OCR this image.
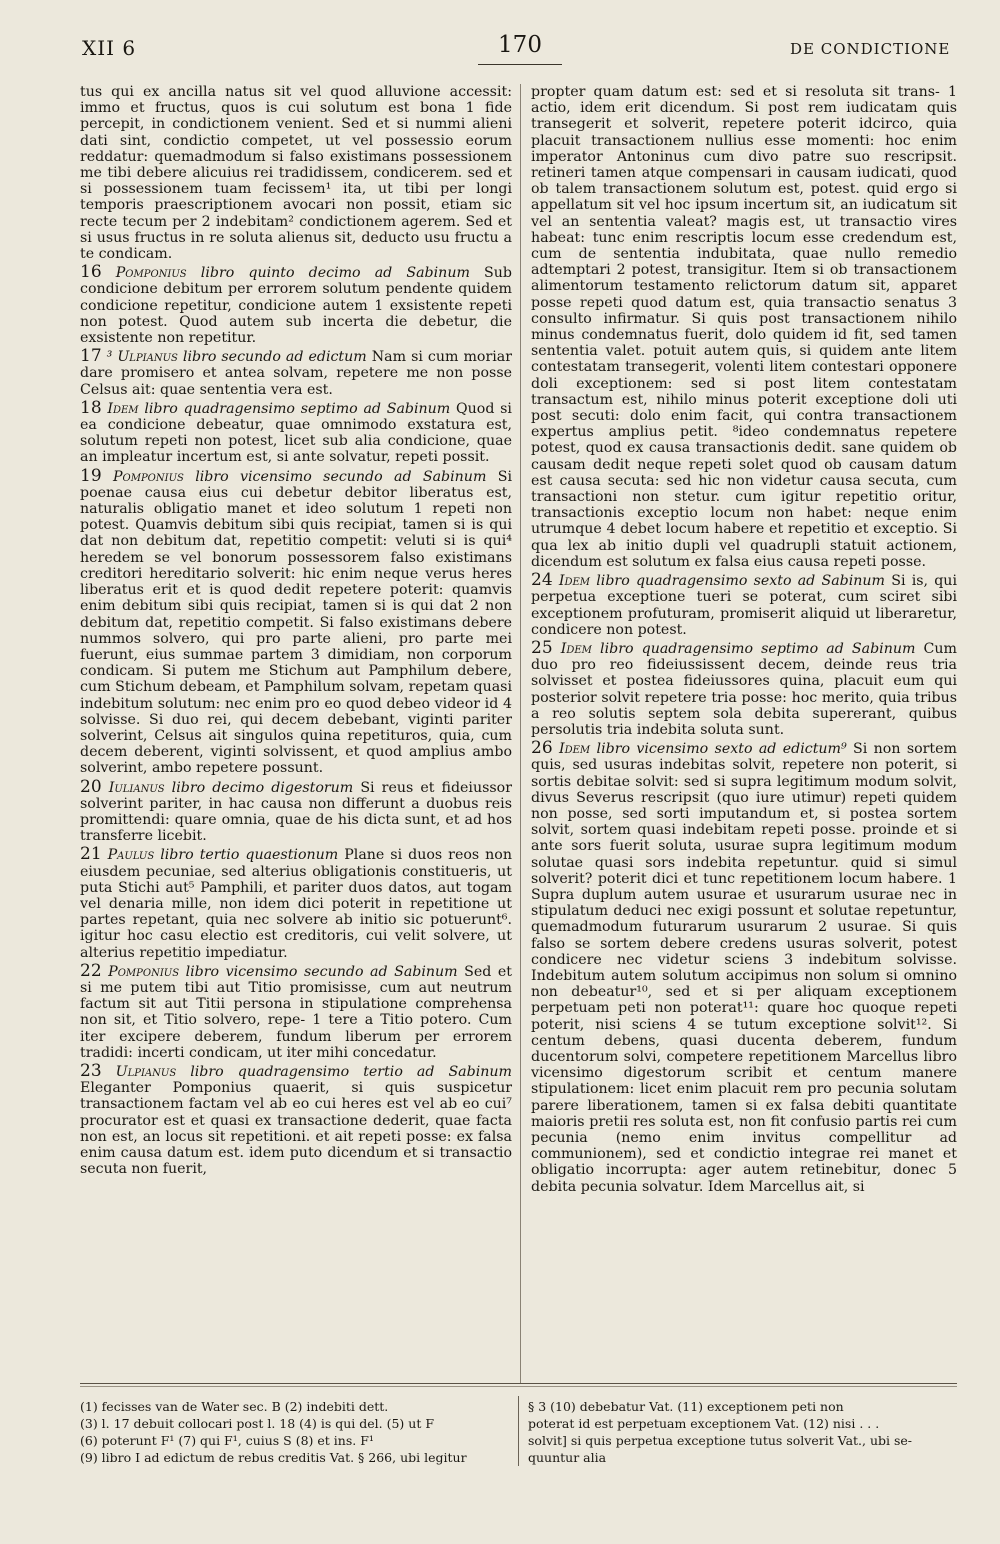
XII 6	170	DE CONDICTIONE

tus qui ex ancilla natus sit vel quod alluvione accessit: immo et fructus, quos is cui solutum est bona 1 fide percepit, in condictionem venient. Sed et si nummi alieni dati sint, condictio competet, ut vel possessio eorum reddatur: quemadmodum si falso existimans possessionem me tibi debere alicuius rei tradidissem, condicerem. sed et si possessionem tuam fecissem¹ ita, ut tibi per longi temporis praescriptionem avocari non possit, etiam sic recte tecum per 2 indebitam² condictionem agerem. Sed et si usus fructus in re soluta alienus sit, deducto usu fructu a te condicam.

16 Pomponius libro quinto decimo ad Sabinum Sub condicione debitum per errorem solutum pendente quidem condicione repetitur, condicione autem 1 exsistente repeti non potest. Quod autem sub incerta die debetur, die exsistente non repetitur.

17 ³ Ulpianus libro secundo ad edictum Nam si cum moriar dare promisero et antea solvam, repetere me non posse Celsus ait: quae sententia vera est.

18 Idem libro quadragensimo septimo ad Sabinum Quod si ea condicione debeatur, quae omnimodo exstatura est, solutum repeti non potest, licet sub alia condicione, quae an impleatur incertum est, si ante solvatur, repeti possit.

19 Pomponius libro vicensimo secundo ad Sabinum Si poenae causa eius cui debetur debitor liberatus est, naturalis obligatio manet et ideo solutum 1 repeti non potest. Quamvis debitum sibi quis recipiat, tamen si is qui dat non debitum dat, repetitio competit: veluti si is qui⁴ heredem se vel bonorum possessorem falso existimans creditori hereditario solverit: hic enim neque verus heres liberatus erit et is quod dedit repetere poterit: quamvis enim debitum sibi quis recipiat, tamen si is qui dat 2 non debitum dat, repetitio competit. Si falso existimans debere nummos solvero, qui pro parte alieni, pro parte mei fuerunt, eius summae partem 3 dimidiam, non corporum condicam. Si putem me Stichum aut Pamphilum debere, cum Stichum debeam, et Pamphilum solvam, repetam quasi indebitum solutum: nec enim pro eo quod debeo videor id 4 solvisse. Si duo rei, qui decem debebant, viginti pariter solverint, Celsus ait singulos quina repetituros, quia, cum decem deberent, viginti solvissent, et quod amplius ambo solverint, ambo repetere possunt.

20 Iulianus libro decimo digestorum Si reus et fideiussor solverint pariter, in hac causa non differunt a duobus reis promittendi: quare omnia, quae de his dicta sunt, et ad hos transferre licebit.

21 Paulus libro tertio quaestionum Plane si duos reos non eiusdem pecuniae, sed alterius obligationis constitueris, ut puta Stichi aut⁵ Pamphili, et pariter duos datos, aut togam vel denaria mille, non idem dici poterit in repetitione ut partes repetant, quia nec solvere ab initio sic potuerunt⁶. igitur hoc casu electio est creditoris, cui velit solvere, ut alterius repetitio impediatur.

22 Pomponius libro vicensimo secundo ad Sabinum Sed et si me putem tibi aut Titio promisisse, cum aut neutrum factum sit aut Titii persona in stipulatione comprehensa non sit, et Titio solvero, repe- 1 tere a Titio potero. Cum iter excipere deberem, fundum liberum per errorem tradidi: incerti condicam, ut iter mihi concedatur.

23 Ulpianus libro quadragensimo tertio ad Sabinum Eleganter Pomponius quaerit, si quis suspicetur transactionem factam vel ab eo cui heres est vel ab eo cui⁷ procurator est et quasi ex transactione dederit, quae facta non est, an locus sit repetitioni. et ait repeti posse: ex falsa enim causa datum est. idem puto dicendum et si transactio secuta non fuerit,

propter quam datum est: sed et si resoluta sit trans- 1 actio, idem erit dicendum. Si post rem iudicatam quis transegerit et solverit, repetere poterit idcirco, quia placuit transactionem nullius esse momenti: hoc enim imperator Antoninus cum divo patre suo rescripsit. retineri tamen atque compensari in causam iudicati, quod ob talem transactionem solutum est, potest. quid ergo si appellatum sit vel hoc ipsum incertum sit, an iudicatum sit vel an sententia valeat? magis est, ut transactio vires habeat: tunc enim rescriptis locum esse credendum est, cum de sententia indubitata, quae nullo remedio adtemptari 2 potest, transigitur. Item si ob transactionem alimentorum testamento relictorum datum sit, apparet posse repeti quod datum est, quia transactio senatus 3 consulto infirmatur. Si quis post transactionem nihilo minus condemnatus fuerit, dolo quidem id fit, sed tamen sententia valet. potuit autem quis, si quidem ante litem contestatam transegerit, volenti litem contestari opponere doli exceptionem: sed si post litem contestatam transactum est, nihilo minus poterit exceptione doli uti post secuti: dolo enim facit, qui contra transactionem expertus amplius petit. ⁸ideo condemnatus repetere potest, quod ex causa transactionis dedit. sane quidem ob causam dedit neque repeti solet quod ob causam datum est causa secuta: sed hic non videtur causa secuta, cum transactioni non stetur. cum igitur repetitio oritur, transactionis exceptio locum non habet: neque enim utrumque 4 debet locum habere et repetitio et exceptio. Si qua lex ab initio dupli vel quadrupli statuit actionem, dicendum est solutum ex falsa eius causa repeti posse.

24 Idem libro quadragensimo sexto ad Sabinum Si is, qui perpetua exceptione tueri se poterat, cum sciret sibi exceptionem profuturam, promiserit aliquid ut liberaretur, condicere non potest.

25 Idem libro quadragensimo septimo ad Sabinum Cum duo pro reo fideiussissent decem, deinde reus tria solvisset et postea fideiussores quina, placuit eum qui posterior solvit repetere tria posse: hoc merito, quia tribus a reo solutis septem sola debita supererant, quibus persolutis tria indebita soluta sunt.

26 Idem libro vicensimo sexto ad edictum⁹ Si non sortem quis, sed usuras indebitas solvit, repetere non poterit, si sortis debitae solvit: sed si supra legitimum modum solvit, divus Severus rescripsit (quo iure utimur) repeti quidem non posse, sed sorti imputandum et, si postea sortem solvit, sortem quasi indebitam repeti posse. proinde et si ante sors fuerit soluta, usurae supra legitimum modum solutae quasi sors indebita repetuntur. quid si simul solverit? poterit dici et tunc repetitionem locum habere. 1 Supra duplum autem usurae et usurarum usurae nec in stipulatum deduci nec exigi possunt et solutae repetuntur, quemadmodum futurarum usurarum 2 usurae. Si quis falso se sortem debere credens usuras solverit, potest condicere nec videtur sciens 3 indebitum solvisse. Indebitum autem solutum accipimus non solum si omnino non debeatur¹⁰, sed et si per aliquam exceptionem perpetuam peti non poterat¹¹: quare hoc quoque repeti poterit, nisi sciens 4 se tutum exceptione solvit¹². Si centum debens, quasi ducenta deberem, fundum ducentorum solvi, competere repetitionem Marcellus libro vicensimo digestorum scribit et centum manere stipulationem: licet enim placuit rem pro pecunia solutam parere liberationem, tamen si ex falsa debiti quantitate maioris pretii res soluta est, non fit confusio partis rei cum pecunia (nemo enim invitus compellitur ad communionem), sed et condictio integrae rei manet et obligatio incorrupta: ager autem retinebitur, donec 5 debita pecunia solvatur. Idem Marcellus ait, si

(1) fecisses van de Water sec. B (2) indebiti dett.
(3) l. 17 debuit collocari post l. 18 (4) is qui del. (5) ut F
(6) poterunt F¹ (7) qui F¹, cuius S (8) et ins. F¹
(9) libro I ad edictum de rebus creditis Vat. § 266, ubi legitur
§ 3 (10) debebatur Vat. (11) exceptionem peti non
poterat id est perpetuam exceptionem Vat. (12) nisi . . .
solvit] si quis perpetua exceptione tutus solverit Vat., ubi se-
quuntur alia
